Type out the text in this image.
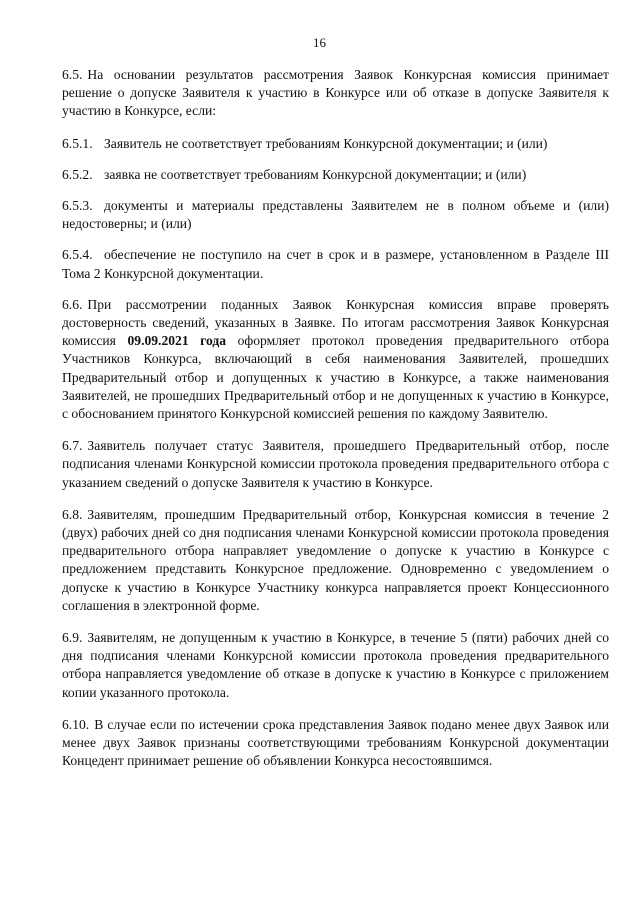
16

6.5. На основании результатов рассмотрения Заявок Конкурсная комиссия принимает решение о допуске Заявителя к участию в Конкурсе или об отказе в допуске Заявителя к участию в Конкурсе, если:

6.5.1. Заявитель не соответствует требованиям Конкурсной документации; и (или)

6.5.2. заявка не соответствует требованиям Конкурсной документации; и (или)

6.5.3. документы и материалы представлены Заявителем не в полном объеме и (или) недостоверны; и (или)

6.5.4. обеспечение не поступило на счет в срок и в размере, установленном в Разделе III Тома 2 Конкурсной документации.

6.6. При рассмотрении поданных Заявок Конкурсная комиссия вправе проверять достоверность сведений, указанных в Заявке. По итогам рассмотрения Заявок Конкурсная комиссия 09.09.2021 года оформляет протокол проведения предварительного отбора Участников Конкурса, включающий в себя наименования Заявителей, прошедших Предварительный отбор и допущенных к участию в Конкурсе, а также наименования Заявителей, не прошедших Предварительный отбор и не допущенных к участию в Конкурсе, с обоснованием принятого Конкурсной комиссией решения по каждому Заявителю.

6.7. Заявитель получает статус Заявителя, прошедшего Предварительный отбор, после подписания членами Конкурсной комиссии протокола проведения предварительного отбора с указанием сведений о допуске Заявителя к участию в Конкурсе.

6.8. Заявителям, прошедшим Предварительный отбор, Конкурсная комиссия в течение 2 (двух) рабочих дней со дня подписания членами Конкурсной комиссии протокола проведения предварительного отбора направляет уведомление о допуске к участию в Конкурсе с предложением представить Конкурсное предложение. Одновременно с уведомлением о допуске к участию в Конкурсе Участнику конкурса направляется проект Концессионного соглашения в электронной форме.

6.9. Заявителям, не допущенным к участию в Конкурсе, в течение 5 (пяти) рабочих дней со дня подписания членами Конкурсной комиссии протокола проведения предварительного отбора направляется уведомление об отказе в допуске к участию в Конкурсе с приложением копии указанного протокола.

6.10. В случае если по истечении срока представления Заявок подано менее двух Заявок или менее двух Заявок признаны соответствующими требованиям Конкурсной документации Концедент принимает решение об объявлении Конкурса несостоявшимся.
